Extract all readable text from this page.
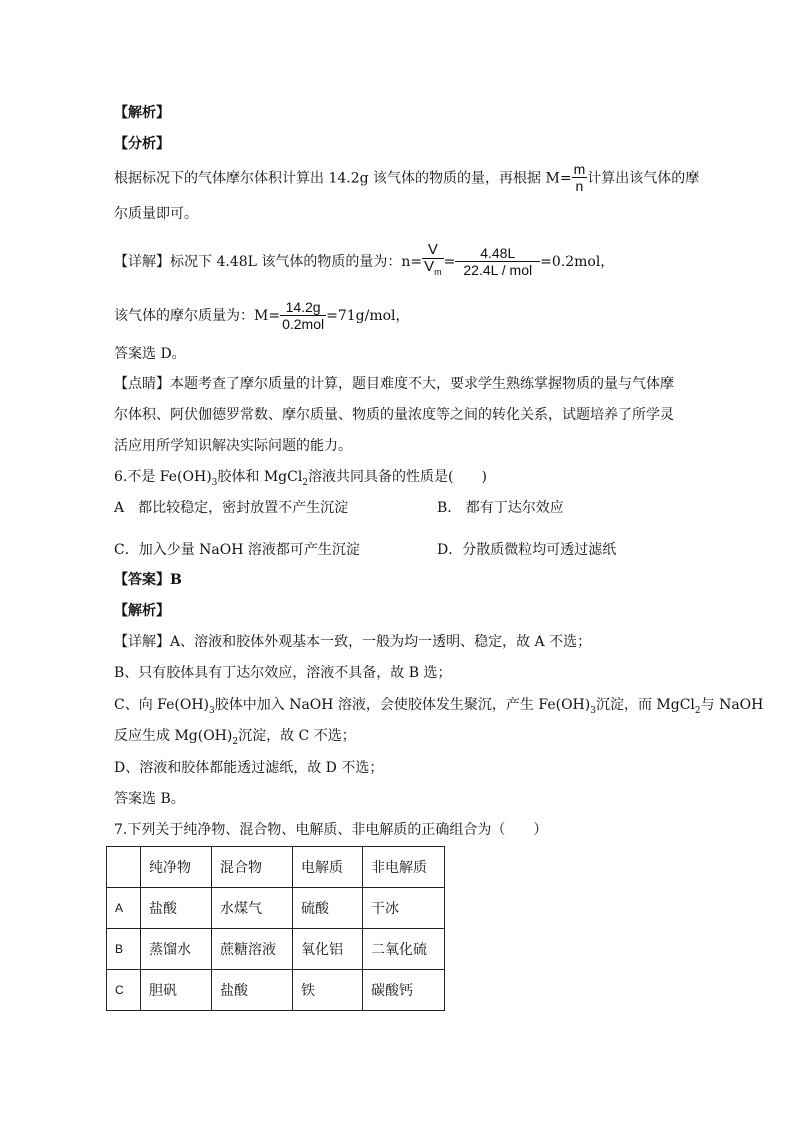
【解析】
【分析】
根据标况下的气体摩尔体积计算出 14.2g 该气体的物质的量，再根据 $M= \frac{m}{n}$ 计算出该气体的摩
尔质量即可。
【详解】标况下 4.48L 该气体的物质的量为：$n= \frac{V}{V_m} = \frac{4.48L}{\text{22.4L / mol}} =0.2mol$，
该气体的摩尔质量为：$M= \frac{14.2g}{\text{0.2mol}} =71g/mol$，
答案选 D。
【点睛】本题考查了摩尔质量的计算，题目难度不大，要求学生熟练掌握物质的量与气体摩
尔体积、阿伏伽德罗常数、摩尔质量、物质的量浓度等之间的转化关系，试题培养了所学灵
活应用所学知识解决实际问题的能力。
6.不是 $Fe(OH)_3$胶体和 MgCl$_2$溶液共同具备的性质是(　　)
A　都比较稳定，密封放置不产生沉淀	B.　都有丁达尔效应
C．加入少量 NaOH 溶液都可产生沉淀	D．分散质微粒均可透过滤纸
【答案】B
【解析】
【详解】A、溶液和胶体外观基本一致，一般为均一透明、稳定，故 A 不选；
B、只有胶体具有丁达尔效应，溶液不具备，故 B 选；
C、向 $Fe(OH)_3$胶体中加入 NaOH 溶液，会使胶体发生聚沉，产生 $Fe(OH)_3$沉淀，而 MgCl$_2$与 NaOH
反应生成 $Mg(OH)_2$沉淀，故 C 不选；
D、溶液和胶体都能透过滤纸，故 D 不选；
答案选 B。
7.下列关于纯净物、混合物、电解质、非电解质的正确组合为（　　）
	纯净物	混合物	电解质	非电解质
A	盐酸	水煤气	硫酸	干冰
B	蒸馏水	蔗糖溶液	氧化铝	二氧化硫
C	胆矾	盐酸	铁	碳酸钙
